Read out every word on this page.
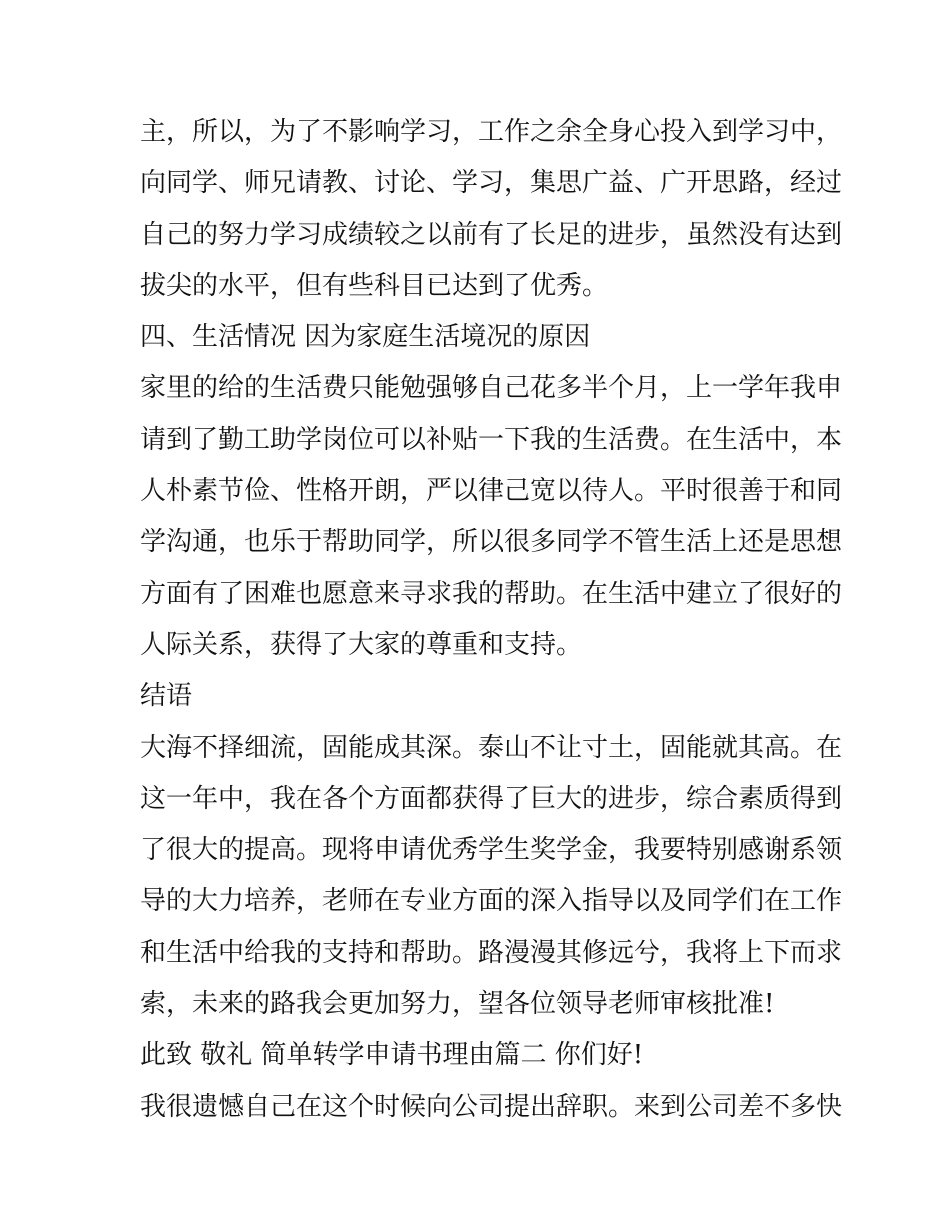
主，所以，为了不影响学习，工作之余全身心投入到学习中，
向同学、师兄请教、讨论、学习，集思广益、广开思路，经过
自己的努力学习成绩较之以前有了长足的进步，虽然没有达到
拔尖的水平，但有些科目已达到了优秀。
四、生活情况 因为家庭生活境况的原因
家里的给的生活费只能勉强够自己花多半个月，上一学年我申
请到了勤工助学岗位可以补贴一下我的生活费。在生活中，本
人朴素节俭、性格开朗，严以律己宽以待人。平时很善于和同
学沟通，也乐于帮助同学，所以很多同学不管生活上还是思想
方面有了困难也愿意来寻求我的帮助。在生活中建立了很好的
人际关系，获得了大家的尊重和支持。
结语
大海不择细流，固能成其深。泰山不让寸土，固能就其高。在
这一年中，我在各个方面都获得了巨大的进步，综合素质得到
了很大的提高。现将申请优秀学生奖学金，我要特别感谢系领
导的大力培养，老师在专业方面的深入指导以及同学们在工作
和生活中给我的支持和帮助。路漫漫其修远兮，我将上下而求
索，未来的路我会更加努力，望各位领导老师审核批准!
此致 敬礼 简单转学申请书理由篇二 你们好!
我很遗憾自己在这个时候向公司提出辞职。来到公司差不多快
